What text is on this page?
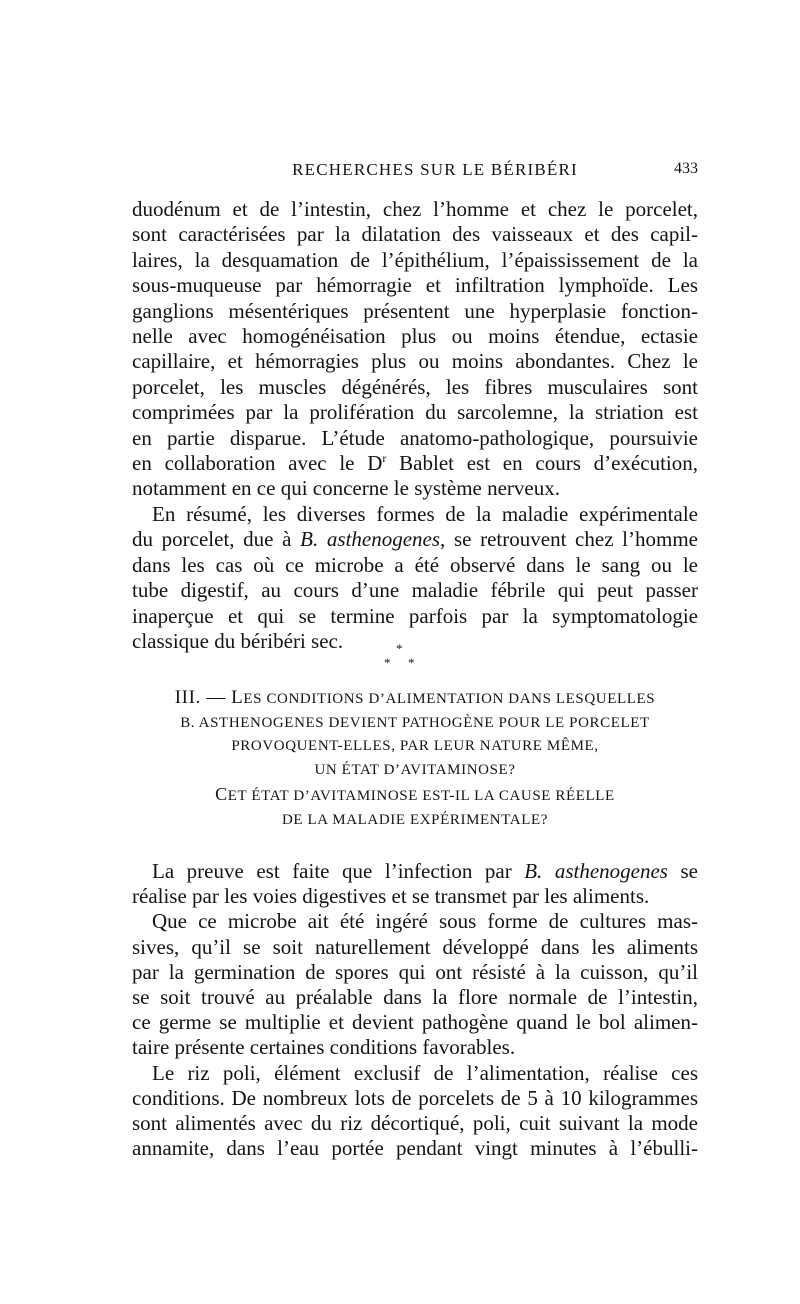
RECHERCHES SUR LE BÉRIBÉRI	433

duodénum et de l’intestin, chez l’homme et chez le porcelet,
sont caractérisées par la dilatation des vaisseaux et des capil-
laires, la desquamation de l’épithélium, l’épaississement de la
sous-muqueuse par hémorragie et infiltration lymphoïde. Les
ganglions mésentériques présentent une hyperplasie fonction-
nelle avec homogénéisation plus ou moins étendue, ectasie
capillaire, et hémorragies plus ou moins abondantes. Chez le
porcelet, les muscles dégénérés, les fibres musculaires sont
comprimées par la prolifération du sarcolemne, la striation est
en partie disparue. L’étude anatomo-pathologique, poursuivie
en collaboration avec le $D^r$ Bablet est en cours d’exécution,
notamment en ce qui concerne le système nerveux.

En résumé, les diverses formes de la maladie expérimentale
du porcelet, due à B. asthenogenes, se retrouvent chez l’homme
dans les cas où ce microbe a été observé dans le sang ou le
tube digestif, au cours d’une maladie fébrile qui peut passer
inaperçue et qui se termine parfois par la symptomatologie
classique du béribéri sec.	*
* *
III. — LES CONDITIONS D’ALIMENTATION DANS LESQUELLES
B. ASTHENOGENES DEVIENT PATHOGÈNE POUR LE PORCELET
PROVOQUENT-ELLES, PAR LEUR NATURE MÊME,
UN ÉTAT D’AVITAMINOSE?
CET ÉTAT D’AVITAMINOSE EST-IL LA CAUSE RÉELLE
DE LA MALADIE EXPÉRIMENTALE?

La preuve est faite que l’infection par B. asthenogenes se
réalise par les voies digestives et se transmet par les aliments.

Que ce microbe ait été ingéré sous forme de cultures mas-
sives, qu’il se soit naturellement développé dans les aliments
par la germination de spores qui ont résisté à la cuisson, qu’il
se soit trouvé au préalable dans la flore normale de l’intestin,
ce germe se multiplie et devient pathogène quand le bol alimen-
taire présente certaines conditions favorables.

Le riz poli, élément exclusif de l’alimentation, réalise ces
conditions. De nombreux lots de porcelets de 5 à 10 kilogrammes
sont alimentés avec du riz décortiqué, poli, cuit suivant la mode
annamite, dans l’eau portée pendant vingt minutes à l’ébulli-
